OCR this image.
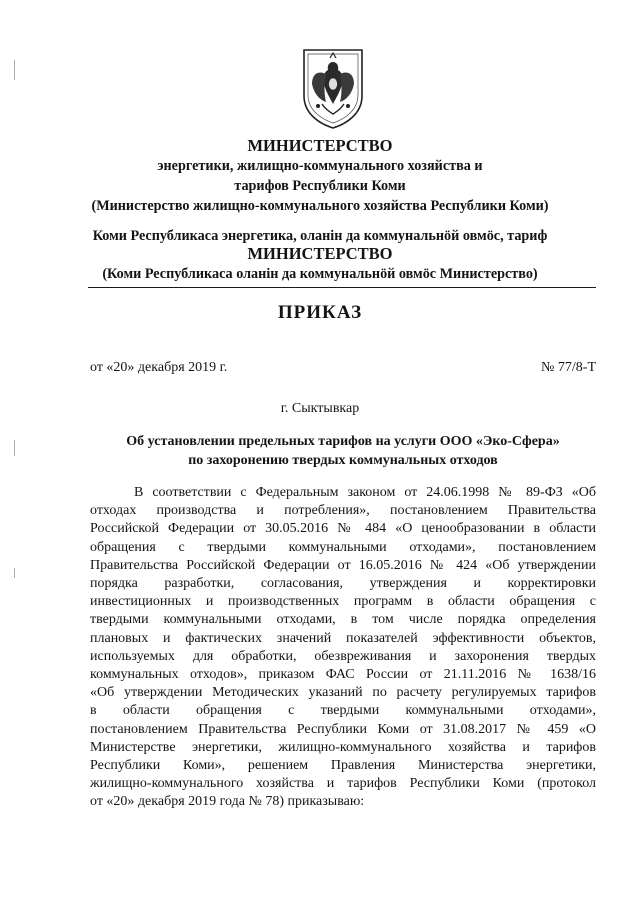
МИНИСТЕРСТВО
энергетики, жилищно-коммунального хозяйства и
тарифов Республики Коми
(Министерство жилищно-коммунального хозяйства Республики Коми)
Коми Республикаса энергетика, оланін да коммунальнӧй овмӧс, тариф
МИНИСТЕРСТВО
(Коми Республикаса оланін да коммунальнӧй овмӧс Министерство)
ПРИКАЗ
от «20» декабря 2019 г.	№ 77/8-Т
г. Сыктывкар
Об установлении предельных тарифов на услуги ООО «Эко-Сфера»
по захоронению твердых коммунальных отходов
В соответствии с Федеральным законом от 24.06.1998 № 89-ФЗ «Об
отходах производства и потребления», постановлением Правительства
Российской Федерации от 30.05.2016 № 484 «О ценообразовании в области
обращения с твердыми коммунальными отходами», постановлением
Правительства Российской Федерации от 16.05.2016 № 424 «Об утверждении
порядка разработки, согласования, утверждения и корректировки
инвестиционных и производственных программ в области обращения с
твердыми коммунальными отходами, в том числе порядка определения
плановых и фактических значений показателей эффективности объектов,
используемых для обработки, обезвреживания и захоронения твердых
коммунальных отходов», приказом ФАС России от 21.11.2016 № 1638/16
«Об утверждении Методических указаний по расчету регулируемых тарифов
в области обращения с твердыми коммунальными отходами»,
постановлением Правительства Республики Коми от 31.08.2017 № 459 «О
Министерстве энергетики, жилищно-коммунального хозяйства и тарифов
Республики Коми», решением Правления Министерства энергетики,
жилищно-коммунального хозяйства и тарифов Республики Коми (протокол
от «20» декабря 2019 года № 78) приказываю:
